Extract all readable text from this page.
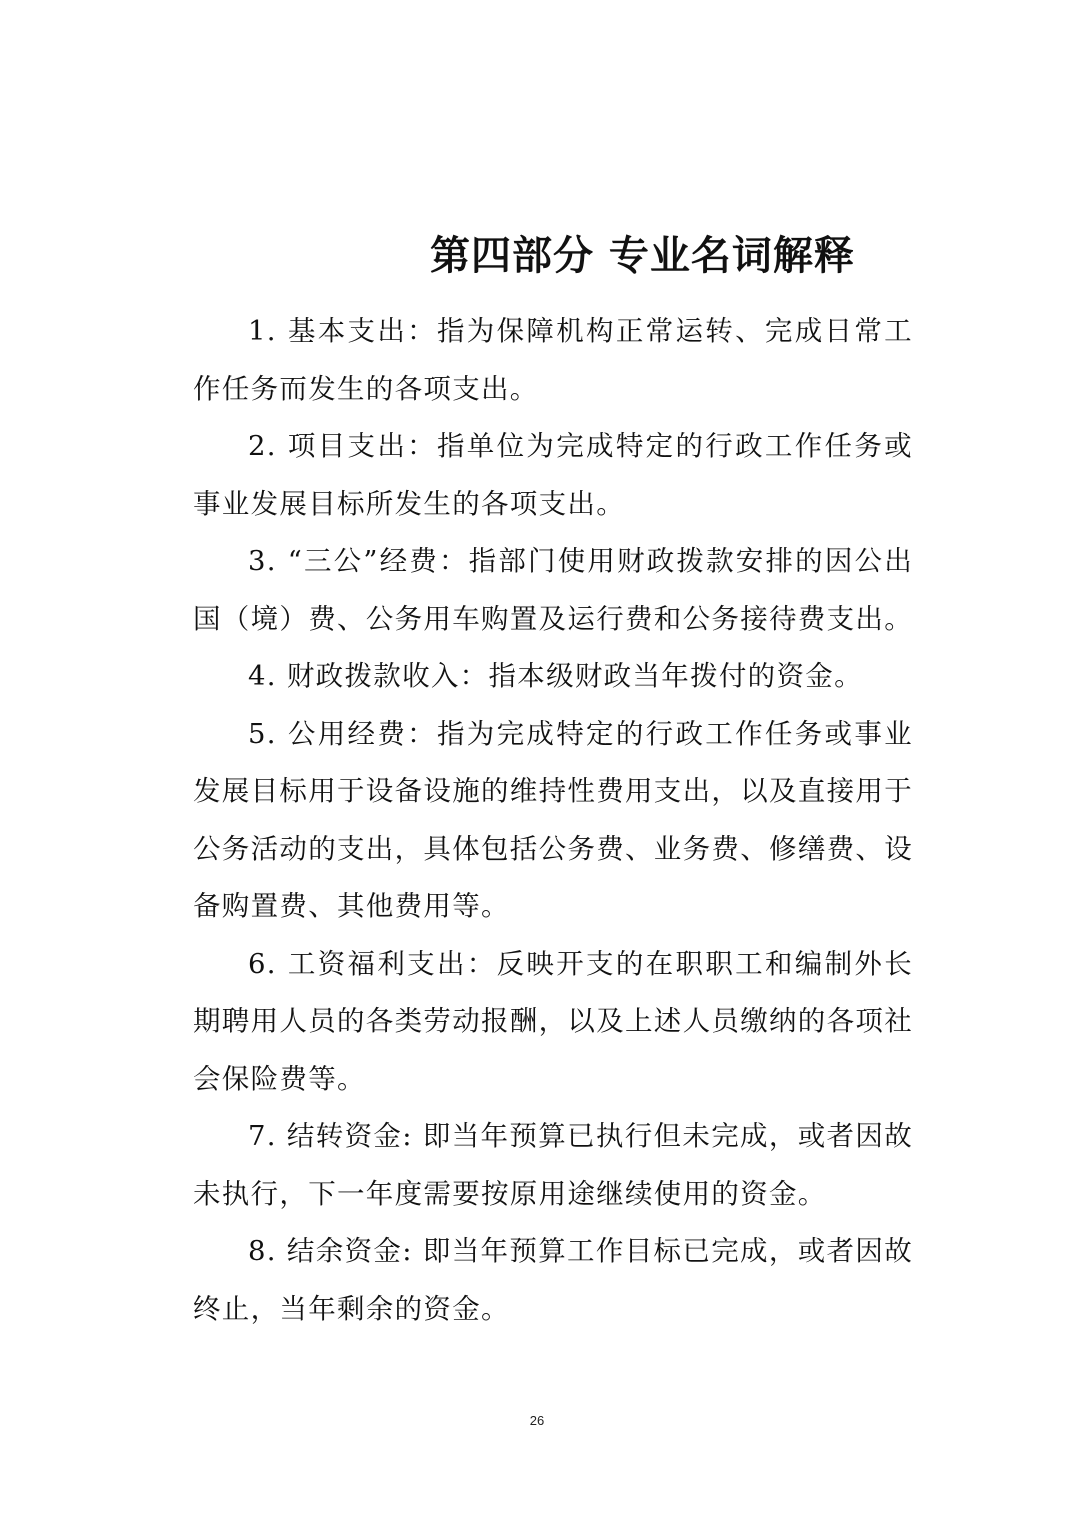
第四部分 专业名词解释

1. 基本支出：指为保障机构正常运转、完成日常工作任务而发生的各项支出。

2. 项目支出：指单位为完成特定的行政工作任务或事业发展目标所发生的各项支出。

3. “三公”经费：指部门使用财政拨款安排的因公出国（境）费、公务用车购置及运行费和公务接待费支出。

4. 财政拨款收入：指本级财政当年拨付的资金。

5. 公用经费：指为完成特定的行政工作任务或事业发展目标用于设备设施的维持性费用支出，以及直接用于公务活动的支出，具体包括公务费、业务费、修缮费、设备购置费、其他费用等。

6. 工资福利支出：反映开支的在职职工和编制外长期聘用人员的各类劳动报酬，以及上述人员缴纳的各项社会保险费等。

7. 结转资金: 即当年预算已执行但未完成，或者因故未执行，下一年度需要按原用途继续使用的资金。

8. 结余资金: 即当年预算工作目标已完成，或者因故终止，当年剩余的资金。

26
